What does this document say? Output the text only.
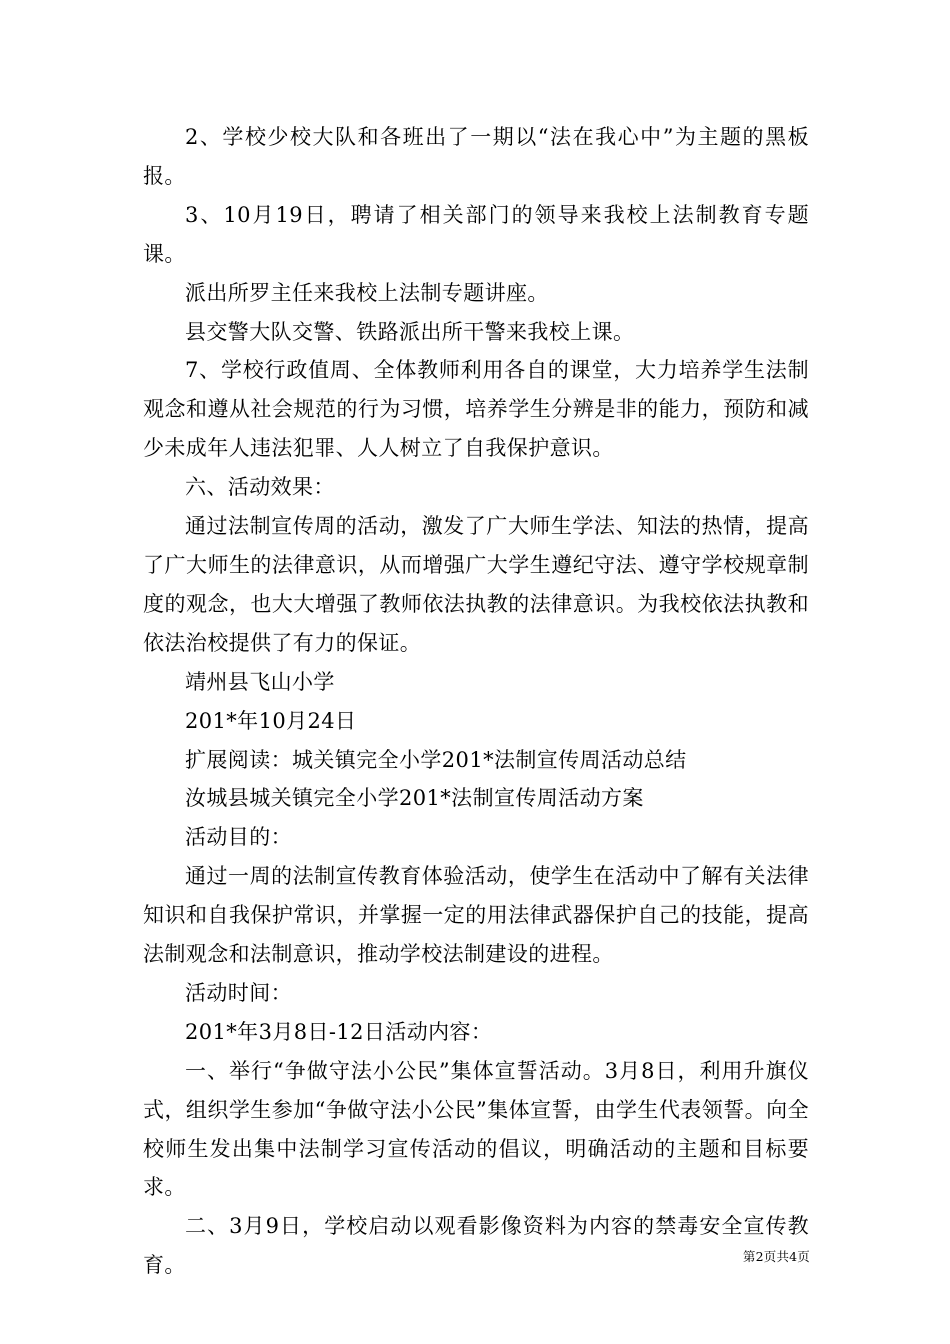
2、学校少校大队和各班出了一期以“法在我心中”为主题的黑板报。

3、10月19日，聘请了相关部门的领导来我校上法制教育专题课。

派出所罗主任来我校上法制专题讲座。

县交警大队交警、铁路派出所干警来我校上课。

7、学校行政值周、全体教师利用各自的课堂，大力培养学生法制观念和遵从社会规范的行为习惯，培养学生分辨是非的能力，预防和减少未成年人违法犯罪、人人树立了自我保护意识。

六、活动效果：

通过法制宣传周的活动，激发了广大师生学法、知法的热情，提高了广大师生的法律意识，从而增强广大学生遵纪守法、遵守学校规章制度的观念，也大大增强了教师依法执教的法律意识。为我校依法执教和依法治校提供了有力的保证。

靖州县飞山小学

201*年10月24日

扩展阅读：城关镇完全小学201*法制宣传周活动总结

汝城县城关镇完全小学201*法制宣传周活动方案

活动目的：

通过一周的法制宣传教育体验活动，使学生在活动中了解有关法律知识和自我保护常识，并掌握一定的用法律武器保护自己的技能，提高法制观念和法制意识，推动学校法制建设的进程。

活动时间：

201*年3月8日-12日活动内容：

一、举行“争做守法小公民”集体宣誓活动。3月8日，利用升旗仪式，组织学生参加“争做守法小公民”集体宣誓，由学生代表领誓。向全校师生发出集中法制学习宣传活动的倡议，明确活动的主题和目标要求。

二、3月9日，学校启动以观看影像资料为内容的禁毒安全宣传教育。	第2页共4页
